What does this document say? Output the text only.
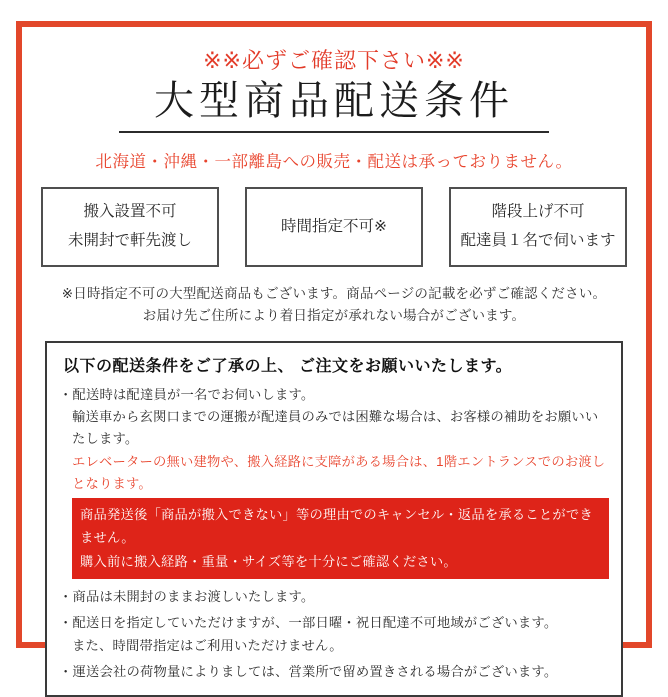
※※必ずご確認下さい※※
大型商品配送条件
北海道・沖縄・一部離島への販売・配送は承っておりません。
搬入設置不可
未開封で軒先渡し
時間指定不可※
階段上げ不可
配達員１名で伺います
※日時指定不可の大型配送商品もございます。商品ページの記載を必ずご確認ください。
お届け先ご住所により着日指定が承れない場合がございます。
以下の配送条件をご了承の上、 ご注文をお願いいたします。
・配送時は配達員が一名でお伺いします。
輸送車から玄関口までの運搬が配達員のみでは困難な場合は、お客様の補助をお願いいたします。
エレベーターの無い建物や、搬入経路に支障がある場合は、1階エントランスでのお渡しとなります。
商品発送後「商品が搬入できない」等の理由でのキャンセル・返品を承ることができません。
購入前に搬入経路・重量・サイズ等を十分にご確認ください。
・商品は未開封のままお渡しいたします。
・配送日を指定していただけますが、一部日曜・祝日配達不可地域がございます。
また、時間帯指定はご利用いただけません。
・運送会社の荷物量によりましては、営業所で留め置きされる場合がございます。
